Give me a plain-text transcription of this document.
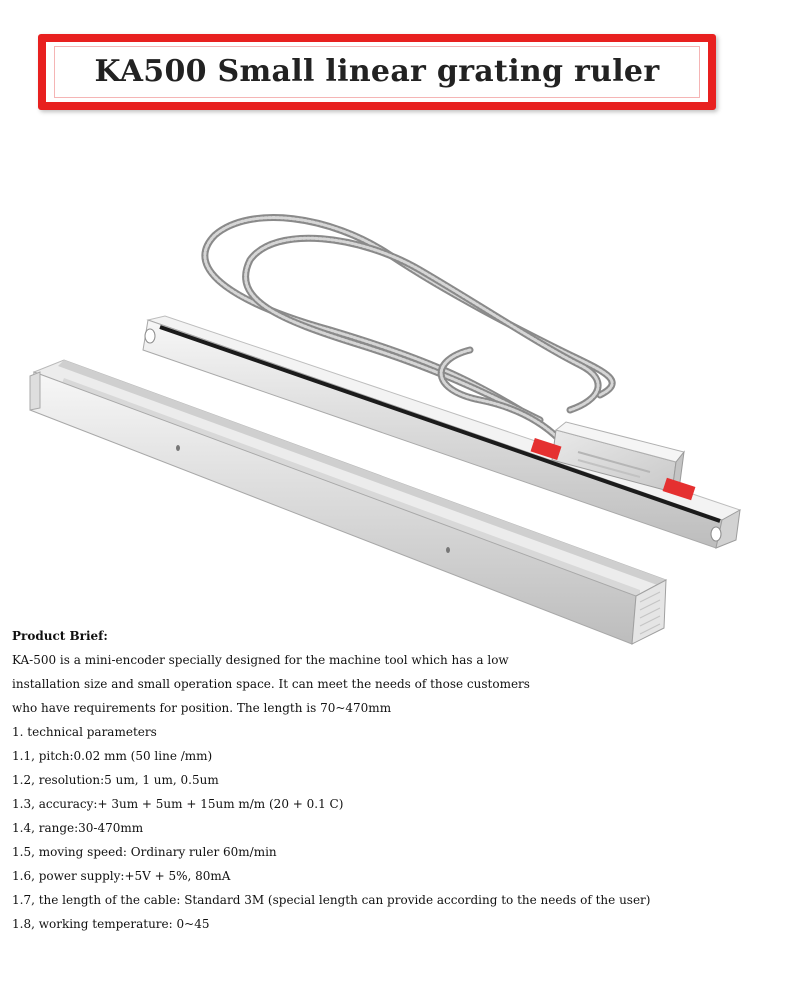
KA500 Small linear grating ruler
Product Brief:
KA-500 is a mini-encoder specially designed for the machine tool which has a low
installation size and small operation space. It can meet the needs of those customers
who have requirements for position. The length is 70~470mm
1. technical parameters
1.1, pitch:0.02 mm (50 line /mm)
1.2, resolution:5 um, 1 um, 0.5um
1.3, accuracy:+ 3um + 5um + 15um m/m (20 + 0.1 C)
1.4, range:30-470mm
1.5, moving speed: Ordinary ruler 60m/min
1.6, power supply:+5V + 5%, 80mA
1.7, the length of the cable: Standard 3M (special length can provide according to the needs of the user)
1.8, working temperature: 0~45
